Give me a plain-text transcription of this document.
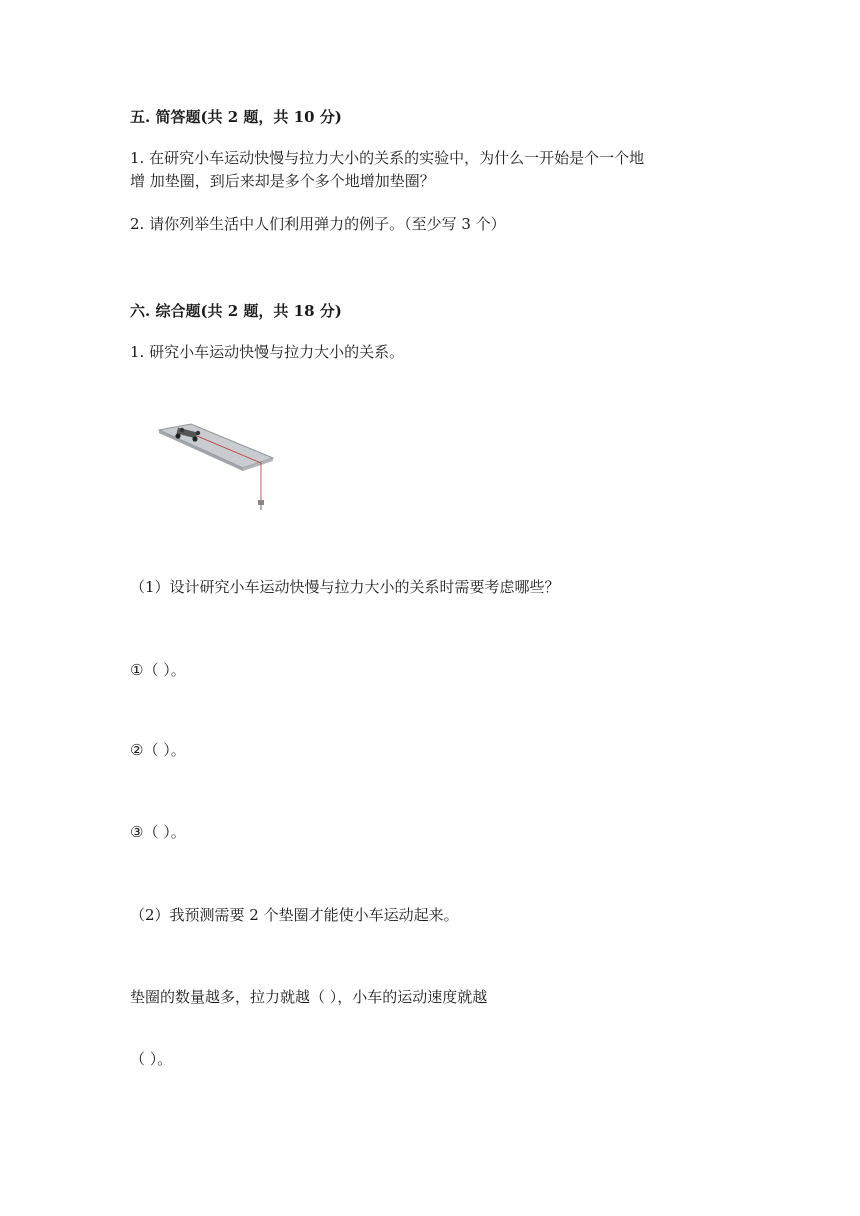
五. 简答题(共 2 题，共 10 分)
1. 在研究小车运动快慢与拉力大小的关系的实验中，为什么一开始是个一个地
增 加垫圈，到后来却是多个多个地增加垫圈？
2. 请你列举生活中人们利用弹力的例子。（至少写 3 个）
六. 综合题(共 2 题，共 18 分)
1. 研究小车运动快慢与拉力大小的关系。
（1）设计研究小车运动快慢与拉力大小的关系时需要考虑哪些？
①（ ）。
②（ ）。
③（ ）。
（2）我预测需要 2 个垫圈才能使小车运动起来。
垫圈的数量越多，拉力就越（ ），小车的运动速度就越
（ ）。
